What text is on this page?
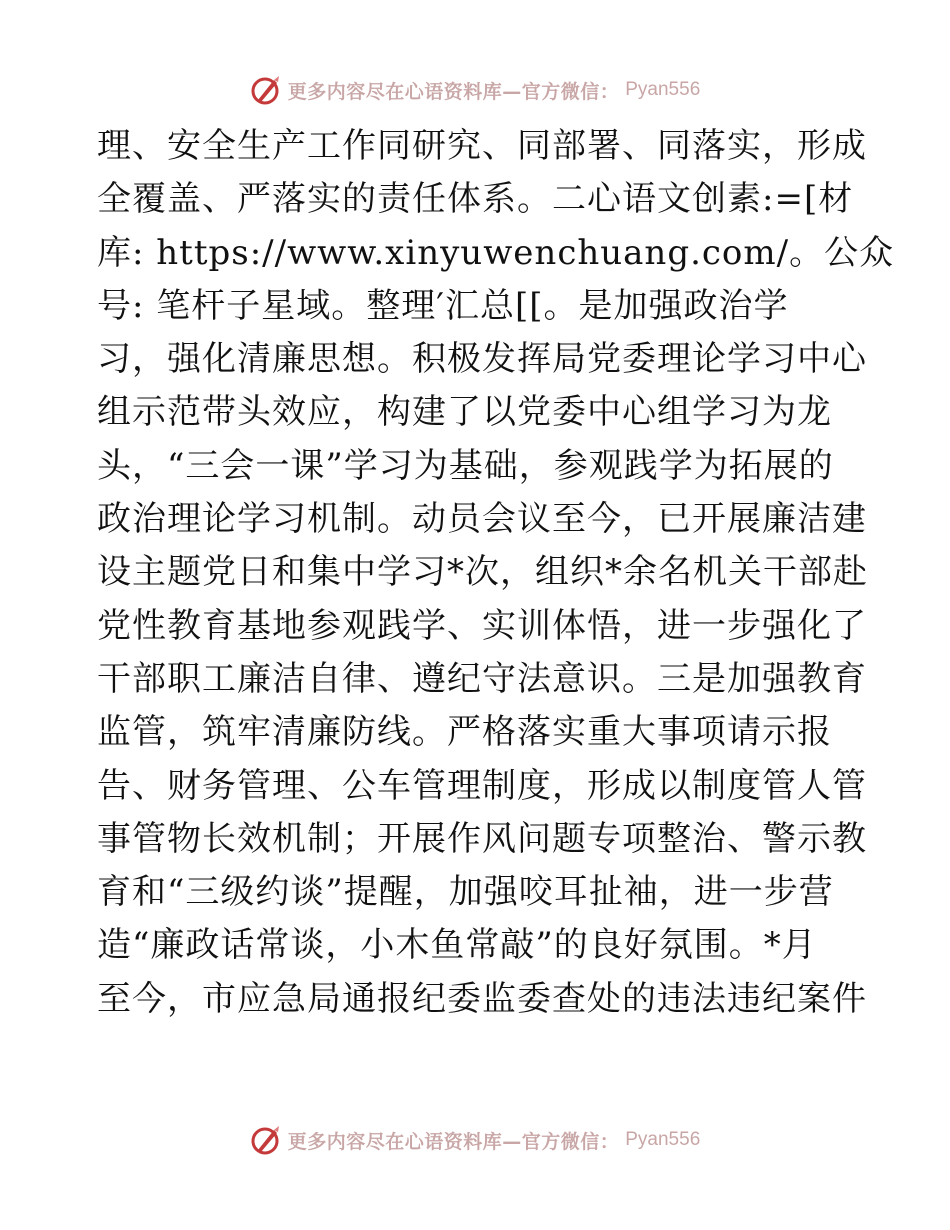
更多内容尽在心语资料库—官方微信： Pyan556
理、安全生产工作同研究、同部署、同落实，形成
全覆盖、严落实的责任体系。二心语文创素:=[材
库: https://www.xinyuwenchuang.com/。公众
号: 笔杆子星域。整理′汇总[[。是加强政治学
习，强化清廉思想。积极发挥局党委理论学习中心
组示范带头效应，构建了以党委中心组学习为龙
头，“三会一课”学习为基础，参观践学为拓展的
政治理论学习机制。动员会议至今，已开展廉洁建
设主题党日和集中学习*次，组织*余名机关干部赴
党性教育基地参观践学、实训体悟，进一步强化了
干部职工廉洁自律、遵纪守法意识。三是加强教育
监管，筑牢清廉防线。严格落实重大事项请示报
告、财务管理、公车管理制度，形成以制度管人管
事管物长效机制；开展作风问题专项整治、警示教
育和“三级约谈”提醒，加强咬耳扯袖，进一步营
造“廉政话常谈，小木鱼常敲”的良好氛围。*月
至今，市应急局通报纪委监委查处的违法违纪案件
更多内容尽在心语资料库—官方微信： Pyan556
